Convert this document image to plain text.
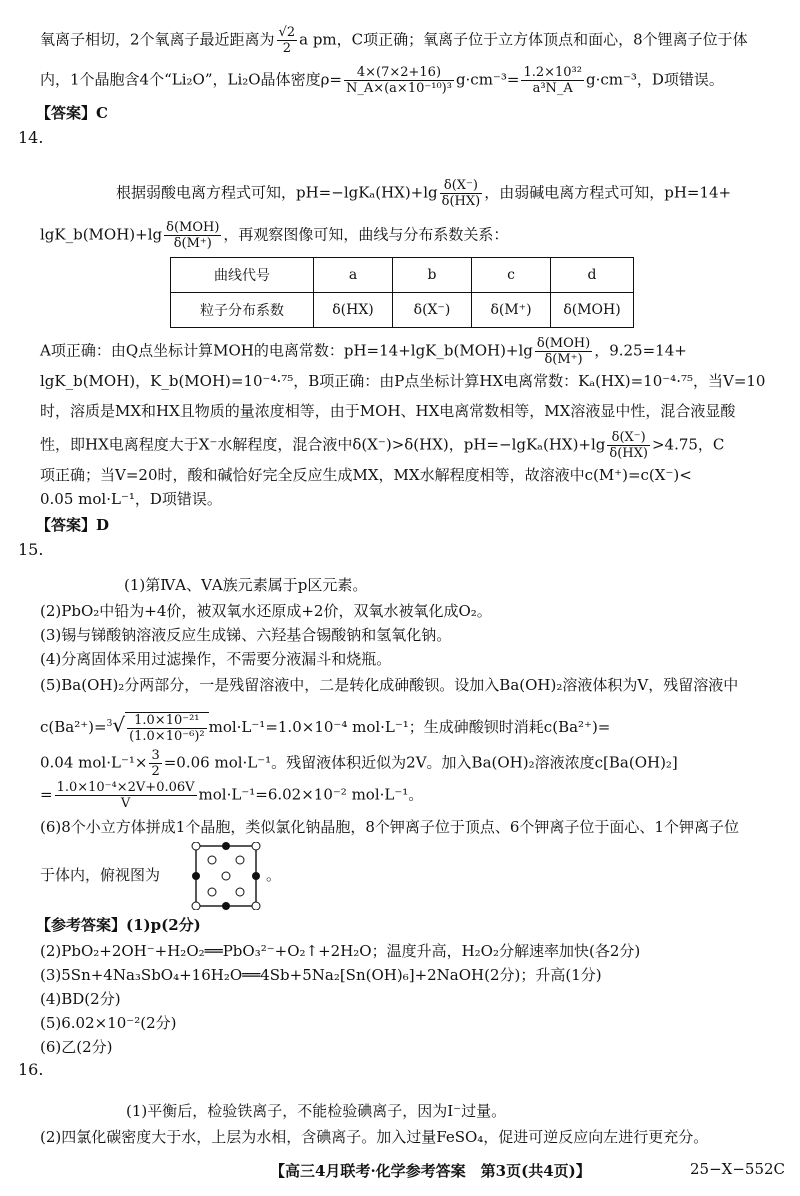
氧离子相切，2个氧离子最近距离为 $\frac{√2}{2}$ a pm，C项正确；氧离子位于立方体顶点和面心，8个锂离子位于体
内，1个晶胞含4个“Li₂O”，Li₂O晶体密度$\rho= \frac{4\times(7\times 2+16)}{\text{N\_A×(a×10⁻¹⁰)³}} g\cdot cm^{-3}= \frac{\text{1.2×10³²}}{\text{a³N\_A}} g\cdot cm^{-3}$，D项错误。
【答案】C
14.
根据弱酸电离方程式可知，$pH=-\lg K_a(HX)+\lg \frac{\delta(X^-)}{\delta(HX)}$ ，由弱碱电离方程式可知，pH=14+
lgK_b(MOH)+lg $\frac{\text{δ(MOH)}}{\delta(M^+)}$ ，再观察图像可知，曲线与分布系数关系：
曲线代号	a	b	c	d
粒子分布系数	δ(HX)	δ(X⁻)	δ(M⁺)	δ(MOH)
A项正确：由Q点坐标计算MOH的电离常数：pH=14+lgK_b(MOH)+lg $\frac{\text{δ(MOH)}}{\delta(M^+)}$ ，9.25=14+
lgK_b(MOH)，K_b(MOH)=10⁻⁴·⁷⁵，B项正确：由P点坐标计算HX电离常数：Kₐ(HX)=10⁻⁴·⁷⁵，当V=10
时，溶质是MX和HX且物质的量浓度相等，由于MOH、HX电离常数相等，MX溶液显中性，混合液显酸
性，即HX电离程度大于X⁻水解程度，混合液中δ(X⁻)>δ(HX)，$pH=-\lg K_a(HX)+\lg \frac{\delta(X^-)}{\delta(HX)} >4.75$，C
项正确；当V=20时，酸和碱恰好完全反应生成MX，MX水解程度相等，故溶液中c(M⁺)=c(X⁻)<
0.05 mol·L⁻¹，D项错误。
【答案】D
15.
(1)第ⅣA、ⅤA族元素属于p区元素。
(2)PbO₂中铅为+4价，被双氧水还原成+2价，双氧水被氧化成O₂。
(3)锡与锑酸钠溶液反应生成锑、六羟基合锡酸钠和氢氧化钠。
(4)分离固体采用过滤操作，不需要分液漏斗和烧瓶。
(5)Ba(OH)₂分两部分，一是残留溶液中，二是转化成砷酸钡。设加入Ba(OH)₂溶液体积为V，残留溶液中
$c(Ba^{2+})=^3√ \frac{\text{1.0×10⁻²¹}}{\text{(1.0×10⁻⁶)²}} mol\cdot L^{-1}=1.0\times 10^{-4}$ mol·L⁻¹；生成砷酸钡时消耗c(Ba²⁺)=
0.04 $mol\cdot L^{-1}\times \frac{3}{2} =0.06$ mol·L⁻¹。残留液体积近似为2V。加入Ba(OH)₂溶液浓度c[Ba(OH)₂]
= $\frac{\text{1.0×10⁻⁴×2V+0.06V}}{V} mol\cdot L^{-1}=6.02\times 10^{-2}$ mol·L⁻¹。
(6)8个小立方体拼成1个晶胞，类似氯化钠晶胞，8个钾离子位于顶点、6个钾离子位于面心、1个钾离子位
于体内，俯视图为	。
【参考答案】(1)p(2分)
(2)PbO₂+2OH⁻+H₂O₂══PbO₃²⁻+O₂↑+2H₂O；温度升高，H₂O₂分解速率加快(各2分)
(3)5Sn+4Na₃SbO₄+16H₂O══4Sb+5Na₂[Sn(OH)₆]+2NaOH(2分)；升高(1分)
(4)BD(2分)
(5)6.02×10⁻²(2分)
(6)乙(2分)
16.
(1)平衡后，检验铁离子，不能检验碘离子，因为I⁻过量。
(2)四氯化碳密度大于水，上层为水相，含碘离子。加入过量FeSO₄，促进可逆反应向左进行更充分。
【高三4月联考·化学参考答案　第3页(共4页)】	25−X−552C
